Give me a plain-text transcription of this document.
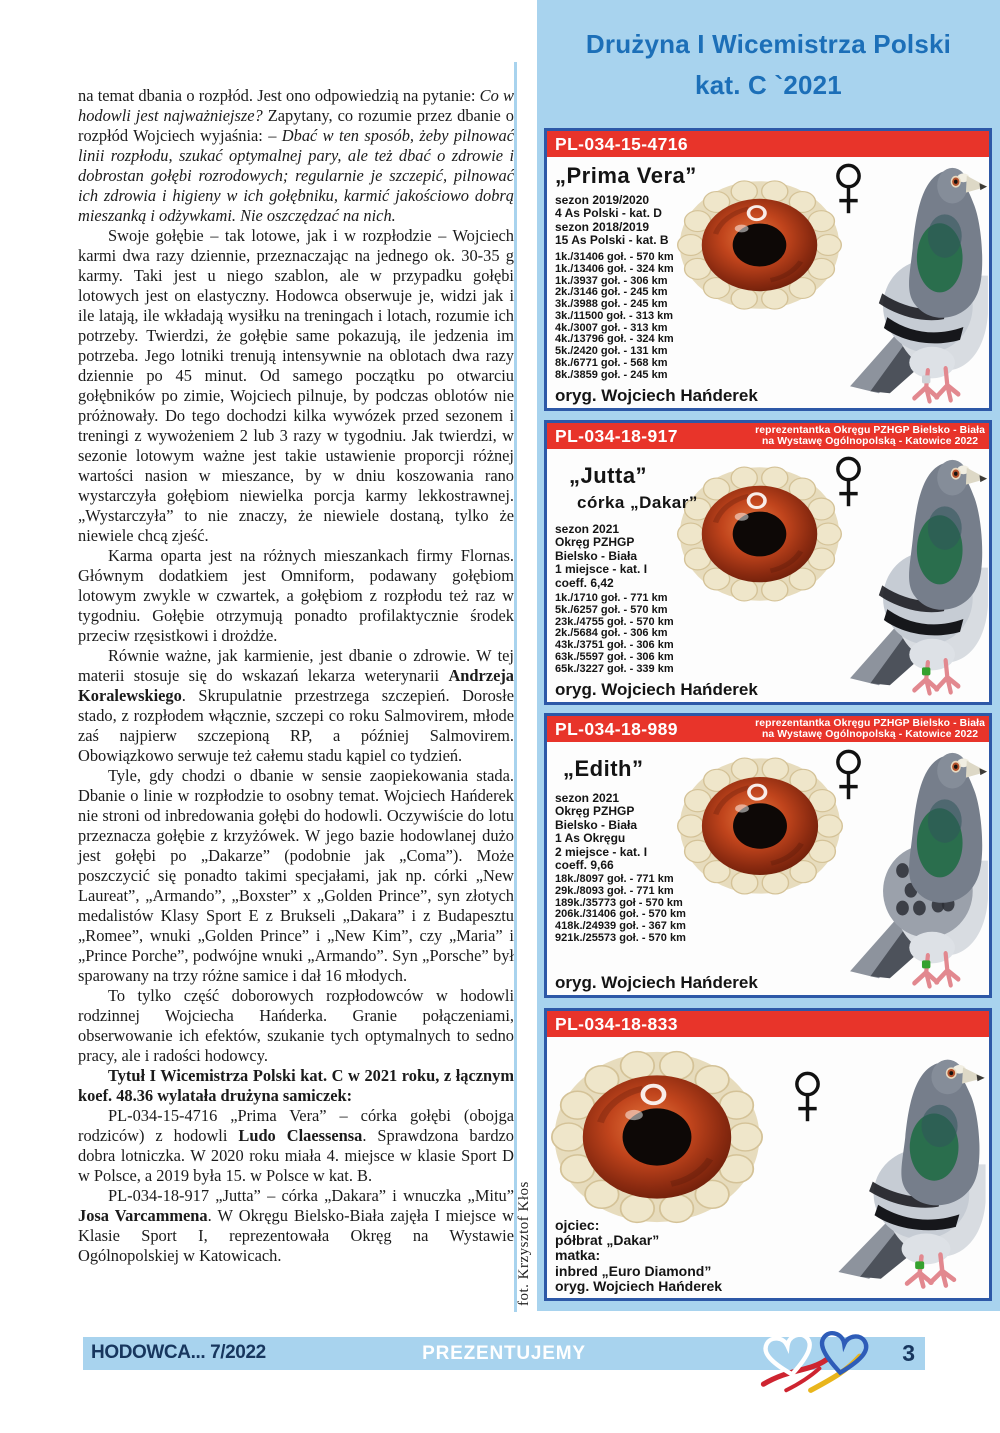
na temat dbania o rozpłód. Jest ono odpowiedzią na pytanie: Co w hodowli jest najważniejsze? Zapytany, co rozumie przez dbanie o rozpłód Wojciech wyjaśnia: – Dbać w ten sposób, żeby pilnować linii rozpłodu, szukać optymalnej pary, ale też dbać o zdrowie i dobrostan gołębi rozrodowych; regularnie je szczepić, pilnować ich zdrowia i higieny w ich gołębniku, karmić jakościowo dobrą mieszanką i odżywkami. Nie oszczędzać na nich.

Swoje gołębie – tak lotowe, jak i w rozpłodzie – Wojciech karmi dwa razy dziennie, przeznaczając na jednego ok. 30-35 g karmy. Taki jest u niego szablon, ale w przypadku gołębi lotowych jest on elastyczny. Hodowca obserwuje je, widzi jak i ile latają, ile wkładają wysiłku na treningach i lotach, rozumie ich potrzeby. Twierdzi, że gołębie same pokazują, ile jedzenia im potrzeba. Jego lotniki trenują intensywnie na oblotach dwa razy dziennie po 45 minut. Od samego początku po otwarciu gołębników po zimie, Wojciech pilnuje, by podczas oblotów nie próżnowały. Do tego dochodzi kilka wywózek przed sezonem i treningi z wywożeniem 2 lub 3 razy w tygodniu. Jak twierdzi, w sezonie lotowym ważne jest takie ustawienie proporcji różnej wartości nasion w mieszance, by w dniu koszowania rano wystarczyła gołębiom niewielka porcja karmy lekkostrawnej. „Wystarczyła” to nie znaczy, że niewiele dostaną, tylko że niewiele chcą zjeść.

Karma oparta jest na różnych mieszankach firmy Flornas. Głównym dodatkiem jest Omniform, podawany gołębiom lotowym zwykle w czwartek, a gołębiom z rozpłodu też raz w tygodniu. Gołębie otrzymują ponadto profilaktycznie środek przeciw rzęsistkowi i drożdże.

Równie ważne, jak karmienie, jest dbanie o zdrowie. W tej materii stosuje się do wskazań lekarza weterynarii Andrzeja Koralewskiego. Skrupulatnie przestrzega szczepień. Dorosłe stado, z rozpłodem włącznie, szczepi co roku Salmovirem, młode zaś najpierw szczepioną RP, a później Salmovirem. Obowiązkowo serwuje też całemu stadu kąpiel co tydzień.

Tyle, gdy chodzi o dbanie w sensie zaopiekowania stada. Dbanie o linie w rozpłodzie to osobny temat. Wojciech Hańderek nie stroni od inbredowania gołębi do hodowli. Oczywiście do lotu przeznacza gołębie z krzyżówek. W jego bazie hodowlanej dużo jest gołębi po „Dakarze” (podobnie jak „Coma”). Może poszczycić się ponadto takimi specjałami, jak np. córki „New Laureat”, „Armando”, „Boxster” x „Golden Prince”, syn złotych medalistów Klasy Sport E z Brukseli „Dakara” i z Budapesztu „Romee”, wnuki „Golden Prince” i „New Kim”, czy „Maria” i „Prince Porche”, podwójne wnuki „Armando”. Syn „Porsche” był sparowany na trzy różne samice i dał 16 młodych.

To tylko część doborowych rozpłodowców w hodowli rodzinnej Wojciecha Hańderka. Granie połączeniami, obserwowanie ich efektów, szukanie tych optymalnych to sedno pracy, ale i radości hodowcy.

Tytuł I Wicemistrza Polski kat. C w 2021 roku, z łącznym koef. 48.36 wylatała drużyna samiczek:

PL-034-15-4716 „Prima Vera” – córka gołębi (obojga rodziców) z hodowli Ludo Claessensa. Sprawdzona bardzo dobra lotniczka. W 2020 roku miała 4. miejsce w klasie Sport D w Polsce, a 2019 była 15. w Polsce w kat. B.

PL-034-18-917 „Jutta” – córka „Dakara” i wnuczka „Mitu” Josa Varcammena. W Okręgu Bielsko-Biała zajęła I miejsce w Klasie Sport I, reprezentowała Okręg na Wystawie Ogólnopolskiej w Katowicach.

Drużyna I Wicemistrza Polski
kat. C `2021
PL-034-15-4716
„Prima Vera”
sezon 2019/2020
4 As Polski - kat. D
sezon 2018/2019
15 As Polski - kat. B
1k./31406 goł. - 570 km
1k./13406 goł. - 324 km
1k./3937 goł. - 306 km
2k./3146 goł. - 245 km
3k./3988 goł. - 245 km
3k./11500 goł. - 313 km
4k./3007 goł. - 313 km
4k./13796 goł. - 324 km
5k./2420 goł. - 131 km
8k./6771 goł. - 568 km
8k./3859 goł. - 245 km
oryg. Wojciech Hańderek
PL-034-18-917	reprezentantka Okręgu PZHGP Bielsko - Biała
na Wystawę Ogólnopolską - Katowice 2022
„Jutta”
córka „Dakar”
sezon 2021
Okręg PZHGP
Bielsko - Biała
1 miejsce - kat. I
coeff. 6,42
1k./1710 goł. - 771 km
5k./6257 goł. - 570 km
23k./4755 goł. - 570 km
2k./5684 goł. - 306 km
43k./3751 goł. - 306 km
63k./5597 goł. - 306 km
65k./3227 goł. - 339 km
oryg. Wojciech Hańderek
PL-034-18-989	reprezentantka Okręgu PZHGP Bielsko - Biała
na Wystawę Ogólnopolską - Katowice 2022
„Edith”
sezon 2021
Okręg PZHGP
Bielsko - Biała
1 As Okręgu
2 miejsce - kat. I
coeff. 9,66
18k./8097 goł. - 771 km
29k./8093 goł. - 771 km
189k./35773 goł - 570 km
206k./31406 goł. - 570 km
418k./24939 goł. - 367 km
921k./25573 goł. - 570 km
oryg. Wojciech Hańderek
PL-034-18-833
ojciec:
półbrat „Dakar”
matka:
inbred „Euro Diamond”
oryg. Wojciech Hańderek
fot. Krzysztof Kłos
HODOWCA... 7/2022	PREZENTUJEMY	3
